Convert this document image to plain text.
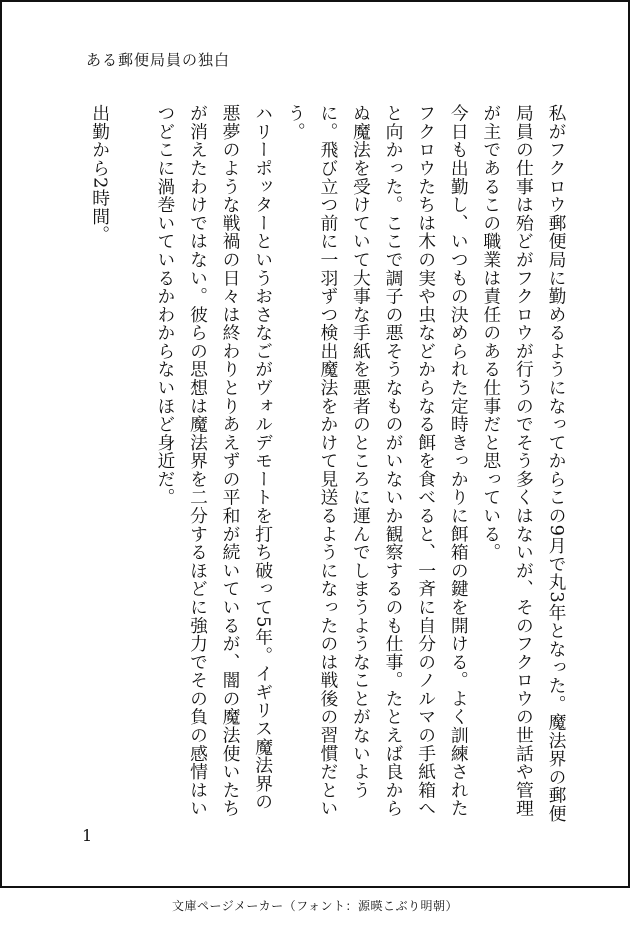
ある郵便局員の独白

私がフクロウ郵便局に勤めるようになってからこの9月で丸3年となった。魔法界の郵便局員の仕事は殆どがフクロウが行うのでそう多くはないが、そのフクロウの世話や管理が主であるこの職業は責任のある仕事だと思っている。

今日も出勤し、いつもの決められた定時きっかりに餌箱の鍵を開ける。よく訓練されたフクロウたちは木の実や虫などからなる餌を食べると、一斉に自分のノルマの手紙箱へと向かった。ここで調子の悪そうなものがいないか観察するのも仕事。たとえば良からぬ魔法を受けていて大事な手紙を悪者のところに運んでしまうようなことがないように。飛び立つ前に一羽ずつ検出魔法をかけて見送るようになったのは戦後の習慣だという。

ハリーポッターというおさなごがヴォルデモートを打ち破って5年。イギリス魔法界の悪夢のような戦禍の日々は終わりとりあえずの平和が続いているが、闇の魔法使いたちが消えたわけではない。彼らの思想は魔法界を二分するほどに強力でその負の感情はいつどこに渦巻いているかわからないほど身近だ。

出勤から2時間。

1
文庫ページメーカー（フォント：源暎こぶり明朝）
